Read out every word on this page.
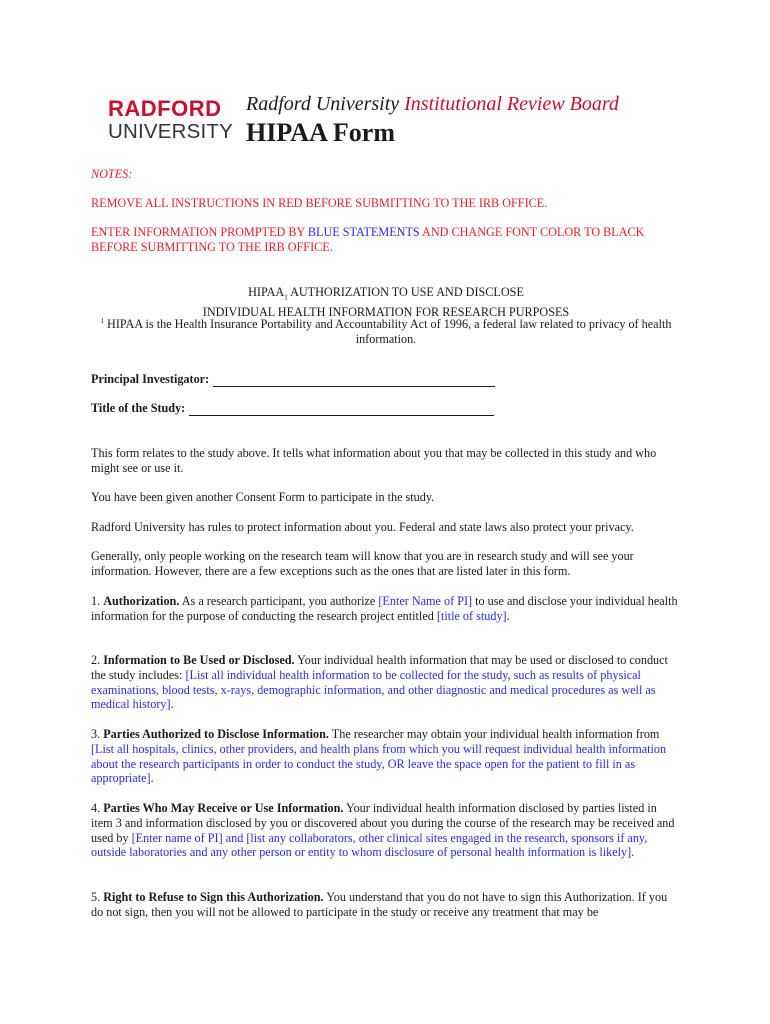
RADFORD
UNIVERSITY
Radford University Institutional Review Board
HIPAA Form
NOTES:
REMOVE ALL INSTRUCTIONS IN RED BEFORE SUBMITTING TO THE IRB OFFICE.
ENTER INFORMATION PROMPTED BY BLUE STATEMENTS AND CHANGE FONT COLOR TO BLACK BEFORE SUBMITTING TO THE IRB OFFICE.
$HIPAA_1$ AUTHORIZATION TO USE AND DISCLOSE
INDIVIDUAL HEALTH INFORMATION FOR RESEARCH PURPOSES
$^1$ HIPAA is the Health Insurance Portability and Accountability Act of 1996, a federal law related to privacy of health information.
Principal Investigator:
Title of the Study:
This form relates to the study above. It tells what information about you that may be collected in this study and who might see or use it.
You have been given another Consent Form to participate in the study.
Radford University has rules to protect information about you. Federal and state laws also protect your privacy.
Generally, only people working on the research team will know that you are in research study and will see your information. However, there are a few exceptions such as the ones that are listed later in this form.
1. Authorization. As a research participant, you authorize [Enter Name of PI] to use and disclose your individual health information for the purpose of conducting the research project entitled [title of study].
2. Information to Be Used or Disclosed. Your individual health information that may be used or disclosed to conduct the study includes: [List all individual health information to be collected for the study, such as results of physical examinations, blood tests, x-rays, demographic information, and other diagnostic and medical procedures as well as medical history].
3. Parties Authorized to Disclose Information. The researcher may obtain your individual health information from [List all hospitals, clinics, other providers, and health plans from which you will request individual health information about the research participants in order to conduct the study, OR leave the space open for the patient to fill in as appropriate].
4. Parties Who May Receive or Use Information. Your individual health information disclosed by parties listed in item 3 and information disclosed by you or discovered about you during the course of the research may be received and used by [Enter name of PI] and [list any collaborators, other clinical sites engaged in the research, sponsors if any, outside laboratories and any other person or entity to whom disclosure of personal health information is likely].
5. Right to Refuse to Sign this Authorization. You understand that you do not have to sign this Authorization. If you do not sign, then you will not be allowed to participate in the study or receive any treatment that may be
